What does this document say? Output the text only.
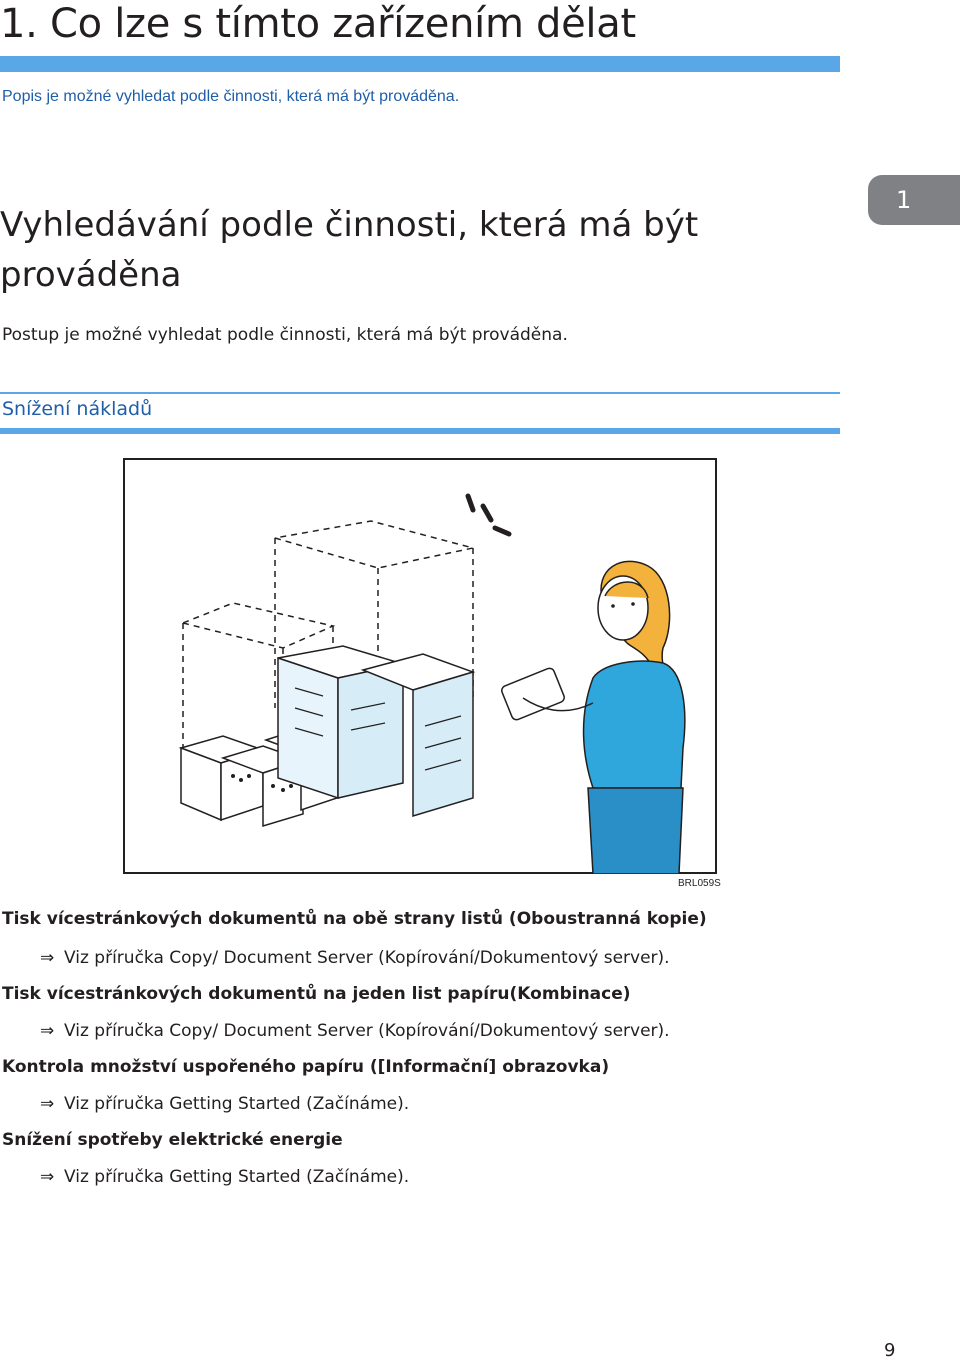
1. Co lze s tímto zařízením dělat
Popis je možné vyhledat podle činnosti, která má být prováděna.
Vyhledávání podle činnosti, která má být prováděna
1
Postup je možné vyhledat podle činnosti, která má být prováděna.
Snížení nákladů
BRL059S
Tisk vícestránkových dokumentů na obě strany listů (Oboustranná kopie)
⇒ Viz příručka Copy/ Document Server (Kopírování/Dokumentový server).
Tisk vícestránkových dokumentů na jeden list papíru(Kombinace)
⇒ Viz příručka Copy/ Document Server (Kopírování/Dokumentový server).
Kontrola množství uspořeného papíru ([Informační] obrazovka)
⇒ Viz příručka Getting Started (Začínáme).
Snížení spotřeby elektrické energie
⇒ Viz příručka Getting Started (Začínáme).
9
